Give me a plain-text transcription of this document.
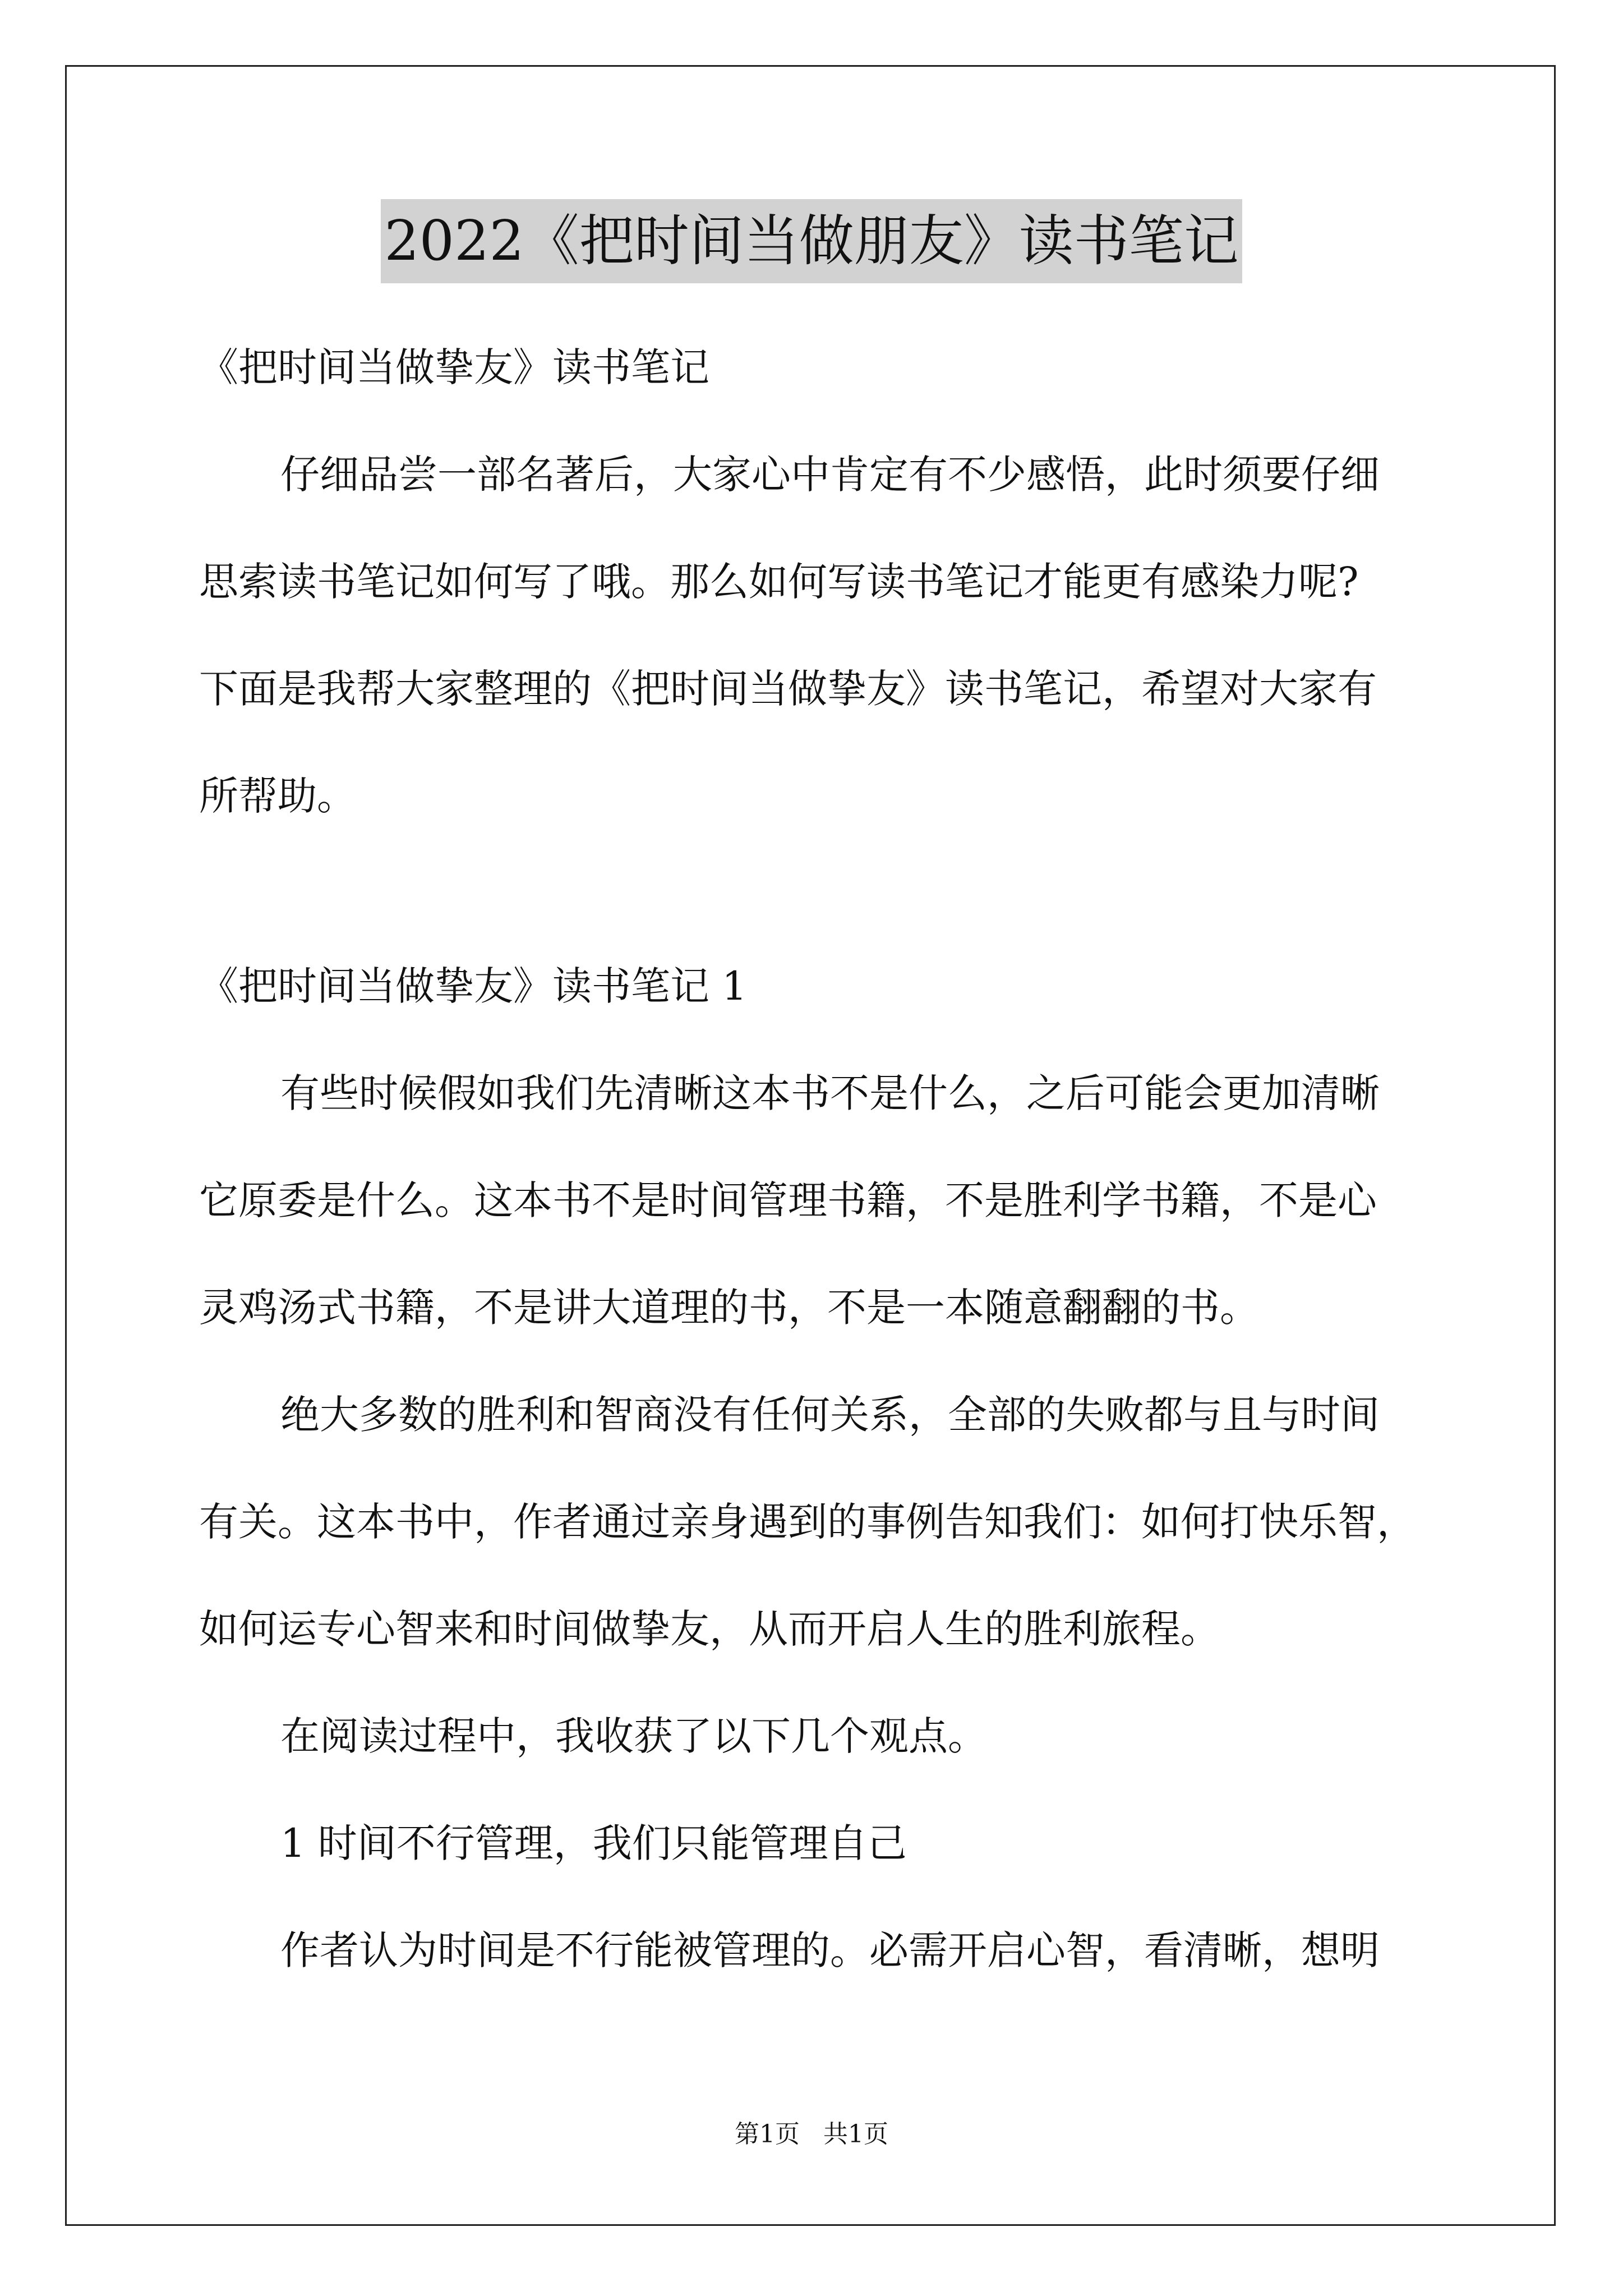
2022《把时间当做朋友》读书笔记
《把时间当做挚友》读书笔记
仔细品尝一部名著后，大家心中肯定有不少感悟，此时须要仔细
思索读书笔记如何写了哦。那么如何写读书笔记才能更有感染力呢?
下面是我帮大家整理的《把时间当做挚友》读书笔记，希望对大家有
所帮助。
《把时间当做挚友》读书笔记 1
有些时候假如我们先清晰这本书不是什么，之后可能会更加清晰
它原委是什么。这本书不是时间管理书籍，不是胜利学书籍，不是心
灵鸡汤式书籍，不是讲大道理的书，不是一本随意翻翻的书。
绝大多数的胜利和智商没有任何关系，全部的失败都与且与时间
有关。这本书中，作者通过亲身遇到的事例告知我们：如何打快乐智，
如何运专心智来和时间做挚友，从而开启人生的胜利旅程。
在阅读过程中，我收获了以下几个观点。
1 时间不行管理，我们只能管理自己
作者认为时间是不行能被管理的。必需开启心智，看清晰，想明
第1页 共1页
